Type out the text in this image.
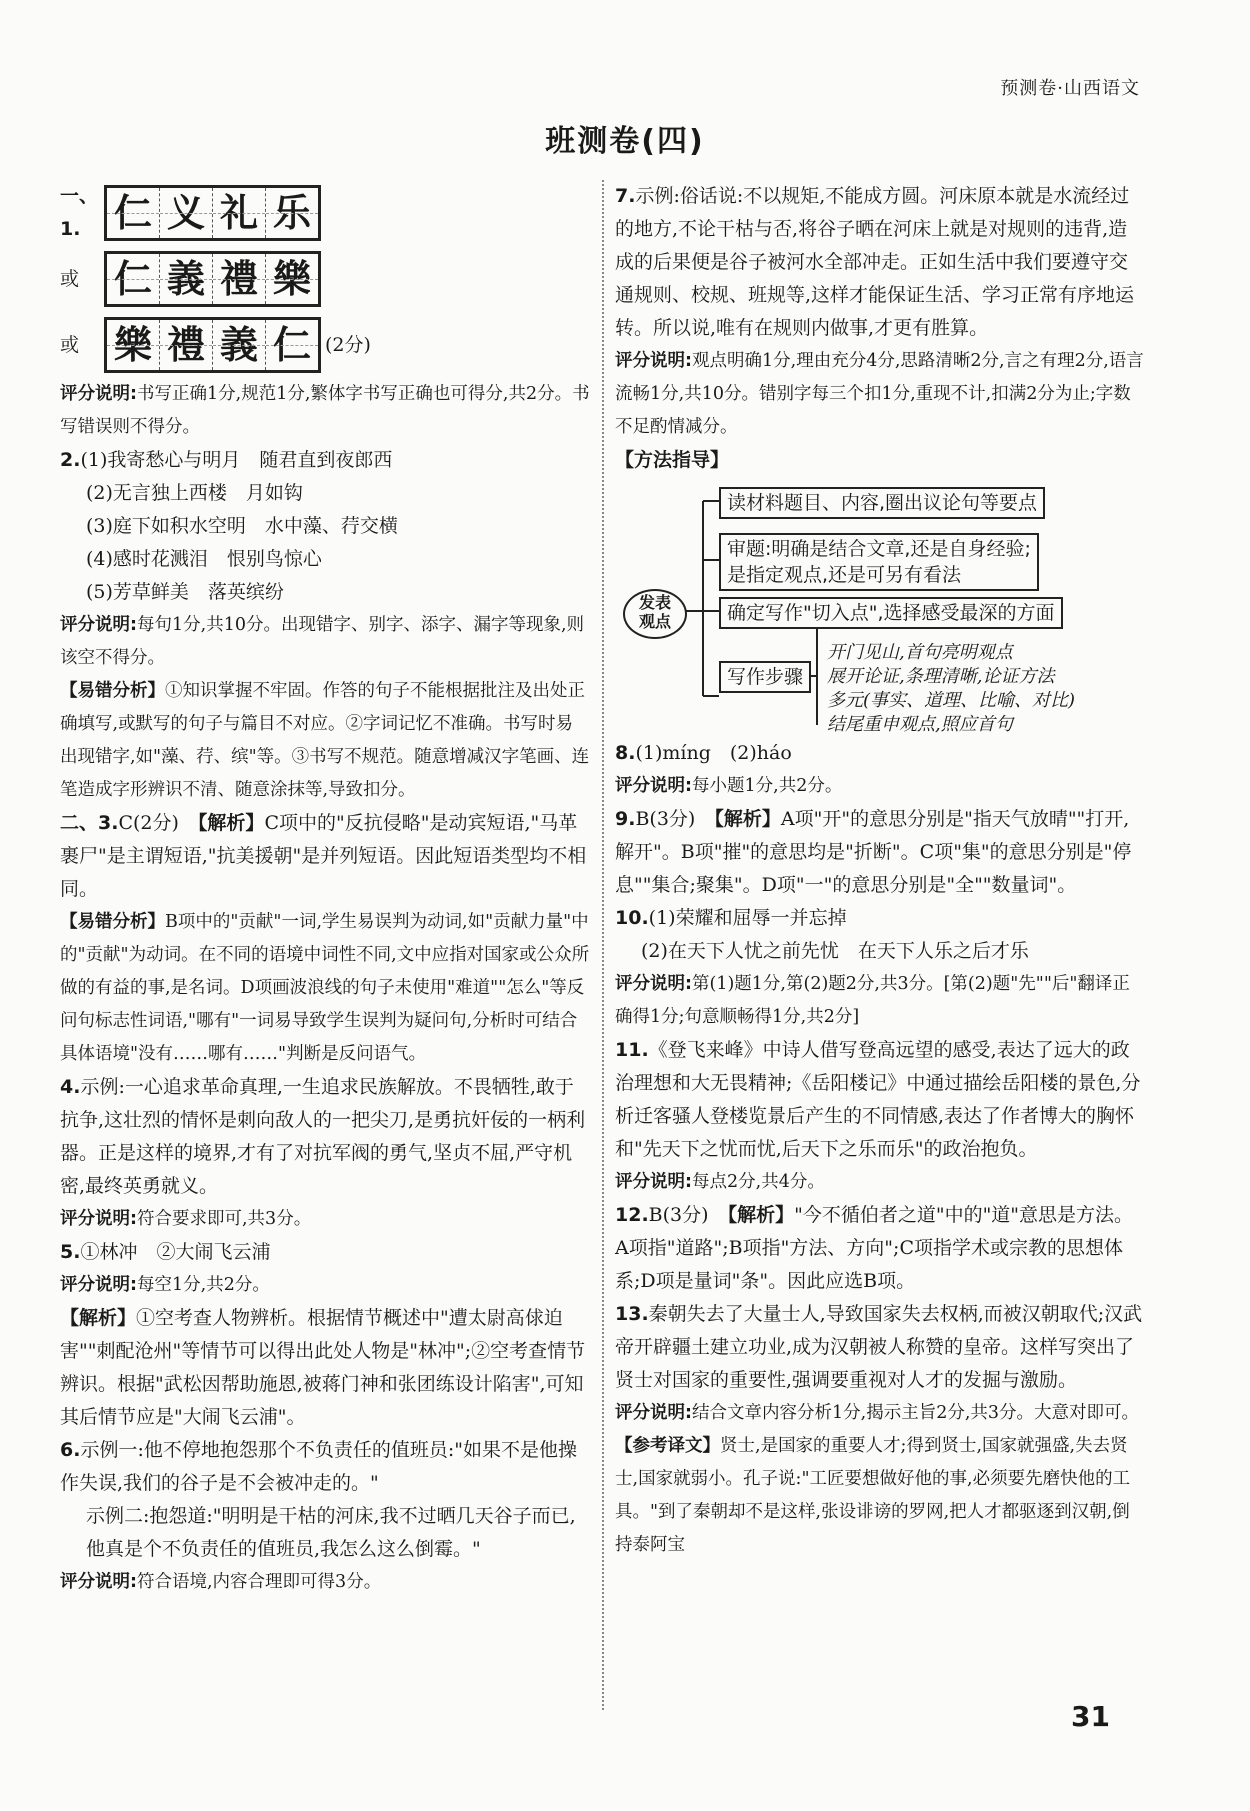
预测卷·山西语文
班测卷(四)
一、1. 仁 义 礼 乐
或 仁 義 禮 樂
或 樂 禮 義 仁 (2分)

评分说明:书写正确1分,规范1分,繁体字书写正确也可得分,共2分。书写错误则不得分。

2.(1)我寄愁心与明月　随君直到夜郎西

(2)无言独上西楼　月如钩

(3)庭下如积水空明　水中藻、荇交横

(4)感时花溅泪　恨别鸟惊心

(5)芳草鲜美　落英缤纷

评分说明:每句1分,共10分。出现错字、别字、添字、漏字等现象,则该空不得分。

【易错分析】①知识掌握不牢固。作答的句子不能根据批注及出处正确填写,或默写的句子与篇目不对应。②字词记忆不准确。书写时易出现错字,如"藻、荇、缤"等。③书写不规范。随意增减汉字笔画、连笔造成字形辨识不清、随意涂抹等,导致扣分。

二、3.C(2分)　 【解析】C项中的"反抗侵略"是动宾短语,"马革裹尸"是主谓短语,"抗美援朝"是并列短语。因此短语类型均不相同。

【易错分析】B项中的"贡献"一词,学生易误判为动词,如"贡献力量"中的"贡献"为动词。在不同的语境中词性不同,文中应指对国家或公众所做的有益的事,是名词。D项画波浪线的句子未使用"难道""怎么"等反问句标志性词语,"哪有"一词易导致学生误判为疑问句,分析时可结合具体语境"没有……哪有……"判断是反问语气。

4.示例:一心追求革命真理,一生追求民族解放。不畏牺牲,敢于抗争,这壮烈的情怀是刺向敌人的一把尖刀,是勇抗奸佞的一柄利器。正是这样的境界,才有了对抗军阀的勇气,坚贞不屈,严守机密,最终英勇就义。

评分说明:符合要求即可,共3分。

5.①林冲　②大闹飞云浦

评分说明:每空1分,共2分。

【解析】①空考查人物辨析。根据情节概述中"遭太尉高俅迫害""刺配沧州"等情节可以得出此处人物是"林冲";②空考查情节辨识。根据"武松因帮助施恩,被蒋门神和张团练设计陷害",可知其后情节应是"大闹飞云浦"。

6.示例一:他不停地抱怨那个不负责任的值班员:"如果不是他操作失误,我们的谷子是不会被冲走的。"

示例二:抱怨道:"明明是干枯的河床,我不过晒几天谷子而已,他真是个不负责任的值班员,我怎么这么倒霉。"

评分说明:符合语境,内容合理即可得3分。

7.示例:俗话说:不以规矩,不能成方圆。河床原本就是水流经过的地方,不论干枯与否,将谷子晒在河床上就是对规则的违背,造成的后果便是谷子被河水全部冲走。正如生活中我们要遵守交通规则、校规、班规等,这样才能保证生活、学习正常有序地运转。所以说,唯有在规则内做事,才更有胜算。

评分说明:观点明确1分,理由充分4分,思路清晰2分,言之有理2分,语言流畅1分,共10分。错别字每三个扣1分,重现不计,扣满2分为止;字数不足酌情减分。

【方法指导】

发表
观点
读材料题目、内容,圈出议论句等要点
审题:明确是结合文章,还是自身经验;
是指定观点,还是可另有看法
确定写作"切入点",选择感受最深的方面
写作步骤
开门见山,首句亮明观点
展开论证,条理清晰,论证方法
多元(事实、道理、比喻、对比)
结尾重申观点,照应首句

8.(1)míng　(2)háo

评分说明:每小题1分,共2分。

9.B(3分)　 【解析】A项"开"的意思分别是"指天气放晴""打开,解开"。B项"摧"的意思均是"折断"。C项"集"的意思分别是"停息""集合;聚集"。D项"一"的意思分别是"全""数量词"。

10.(1)荣耀和屈辱一并忘掉

(2)在天下人忧之前先忧　在天下人乐之后才乐

评分说明:第(1)题1分,第(2)题2分,共3分。[第(2)题"先""后"翻译正确得1分;句意顺畅得1分,共2分]

11.《登飞来峰》中诗人借写登高远望的感受,表达了远大的政治理想和大无畏精神;《岳阳楼记》中通过描绘岳阳楼的景色,分析迁客骚人登楼览景后产生的不同情感,表达了作者博大的胸怀和"先天下之忧而忧,后天下之乐而乐"的政治抱负。

评分说明:每点2分,共4分。

12.B(3分)　 【解析】"今不循伯者之道"中的"道"意思是方法。A项指"道路";B项指"方法、方向";C项指学术或宗教的思想体系;D项是量词"条"。因此应选B项。

13.秦朝失去了大量士人,导致国家失去权柄,而被汉朝取代;汉武帝开辟疆土建立功业,成为汉朝被人称赞的皇帝。这样写突出了贤士对国家的重要性,强调要重视对人才的发掘与激励。

评分说明:结合文章内容分析1分,揭示主旨2分,共3分。大意对即可。

【参考译文】贤士,是国家的重要人才;得到贤士,国家就强盛,失去贤士,国家就弱小。孔子说:"工匠要想做好他的事,必须要先磨快他的工具。"到了秦朝却不是这样,张设诽谤的罗网,把人才都驱逐到汉朝,倒持泰阿宝

31
